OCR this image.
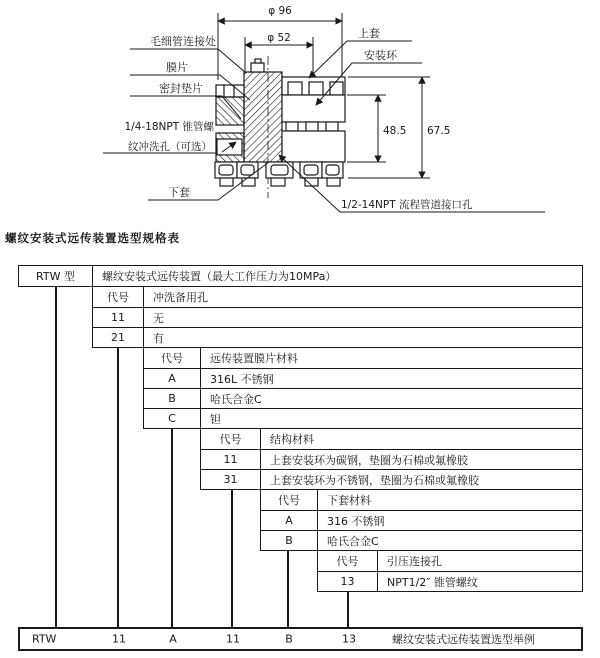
φ 96
φ 52
48.5 67.5
毛细管连接处
膜片
密封垫片
1/4-18NPT 锥管螺
纹冲洗孔（可选）
下套
上套
安装环
1/2-14NPT 流程管道接口孔
螺纹安装式远传装置选型规格表
RTW 型	螺纹安装式远传装置（最大工作压力为10MPa）
代号	冲洗备用孔
11	无
21	有
代号	远传装置膜片材料
A	316L 不锈钢
B	哈氏合金C
C	钽
代号	结构材料
11	上套安装环为碳钢，垫圈为石棉或氟橡胶
31	上套安装环为不锈钢，垫圈为石棉或氟橡胶
代号	下套材料
A	316 不锈钢
B	哈氏合金C
代号	引压连接孔
13	NPT1/2″ 锥管螺纹
RTW	11	A	11	B	13	螺纹安装式远传装置选型举例
